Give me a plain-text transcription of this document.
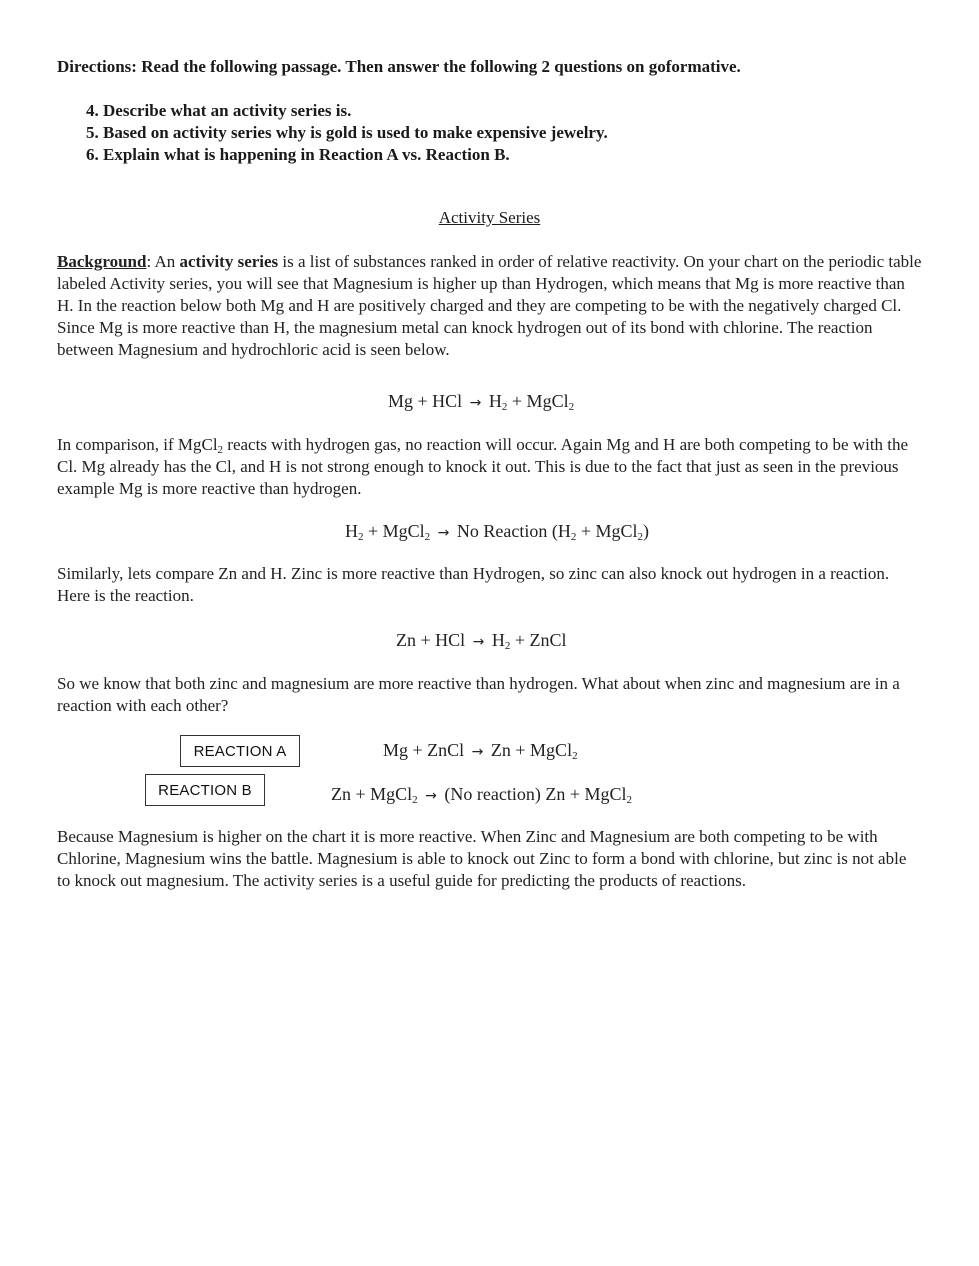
Directions: Read the following passage. Then answer the following 2 questions on goformative.
4. Describe what an activity series is.
5. Based on activity series why is gold is used to make expensive jewelry.
6. Explain what is happening in Reaction A vs. Reaction B.
Activity Series
Background: An activity series is a list of substances ranked in order of relative reactivity. On your chart on the periodic table labeled Activity series, you will see that Magnesium is higher up than Hydrogen, which means that Mg is more reactive than H. In the reaction below both Mg and H are positively charged and they are competing to be with the negatively charged Cl. Since Mg is more reactive than H, the magnesium metal can knock hydrogen out of its bond with chlorine. The reaction between Magnesium and hydrochloric acid is seen below.
Mg + HCl → $H_2$ + MgCl$_2$
In comparison, if MgCl$_2$ reacts with hydrogen gas, no reaction will occur. Again Mg and H are both competing to be with the Cl. Mg already has the Cl, and H is not strong enough to knock it out. This is due to the fact that just as seen in the previous example Mg is more reactive than hydrogen.
$H_2$ + MgCl$_2$ → No Reaction ($H_2$ + MgCl$_2$)
Similarly, lets compare Zn and H. Zinc is more reactive than Hydrogen, so zinc can also knock out hydrogen in a reaction. Here is the reaction.
Zn + HCl → $H_2$ + ZnCl
So we know that both zinc and magnesium are more reactive than hydrogen. What about when zinc and magnesium are in a reaction with each other?
REACTION A	Mg + ZnCl → Zn + MgCl$_2$
REACTION B	Zn + MgCl$_2$ → (No reaction) Zn + MgCl$_2$
Because Magnesium is higher on the chart it is more reactive. When Zinc and Magnesium are both competing to be with Chlorine, Magnesium wins the battle. Magnesium is able to knock out Zinc to form a bond with chlorine, but zinc is not able to knock out magnesium. The activity series is a useful guide for predicting the products of reactions.
